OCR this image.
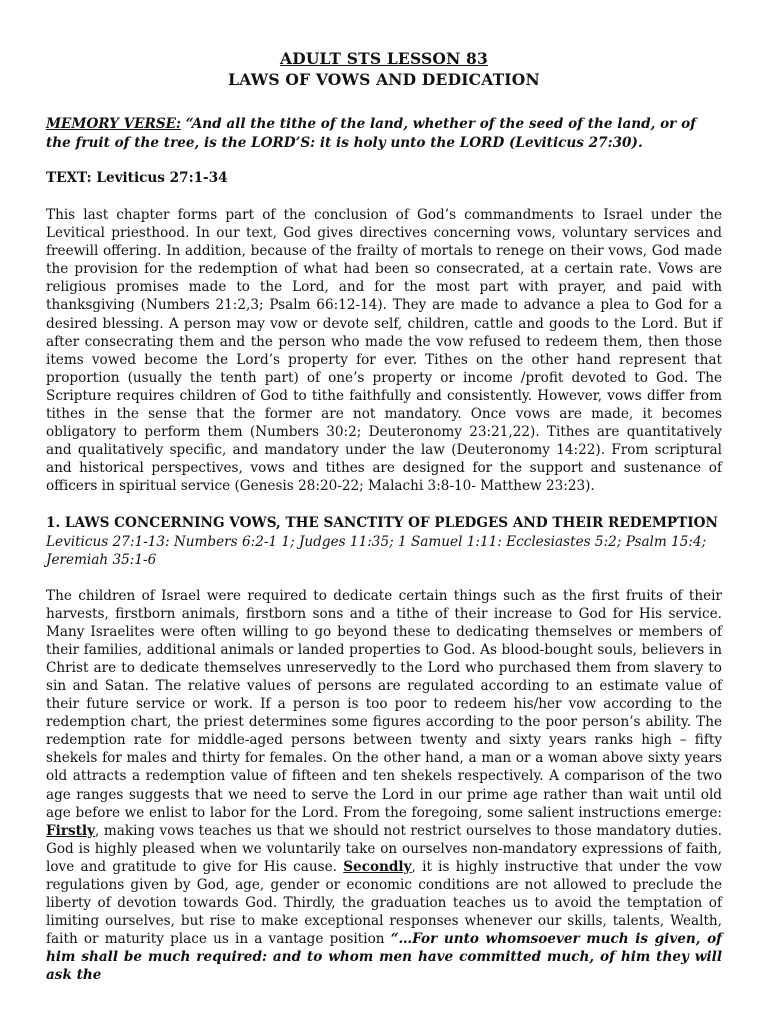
ADULT STS LESSON 83
LAWS OF VOWS AND DEDICATION
MEMORY VERSE: “And all the tithe of the land, whether of the seed of the land, or of the fruit of the tree, is the LORD’S: it is holy unto the LORD (Leviticus 27:30).
TEXT: Leviticus 27:1-34

This last chapter forms part of the conclusion of God’s commandments to Israel under the Levitical priesthood. In our text, God gives directives concerning vows, voluntary services and freewill offering. In addition, because of the frailty of mortals to renege on their vows, God made the provision for the redemption of what had been so consecrated, at a certain rate. Vows are religious promises made to the Lord, and for the most part with prayer, and paid with thanksgiving (Numbers 21:2,3; Psalm 66:12-14). They are made to advance a plea to God for a desired blessing. A person may vow or devote self, children, cattle and goods to the Lord. But if after consecrating them and the person who made the vow refused to redeem them, then those items vowed become the Lord’s property for ever. Tithes on the other hand represent that proportion (usually the tenth part) of one’s property or income /profit devoted to God. The Scripture requires children of God to tithe faithfully and consistently. However, vows differ from tithes in the sense that the former are not mandatory. Once vows are made, it becomes obligatory to perform them (Numbers 30:2; Deuteronomy 23:21,22). Tithes are quantitatively and qualitatively specific, and mandatory under the law (Deuteronomy 14:22). From scriptural and historical perspectives, vows and tithes are designed for the support and sustenance of officers in spiritual service (Genesis 28:20-22; Malachi 3:8-10- Matthew 23:23).

1. LAWS CONCERNING VOWS, THE SANCTITY OF PLEDGES AND THEIR REDEMPTION
Leviticus 27:1-13: Numbers 6:2-1 1; Judges 11:35; 1 Samuel 1:11: Ecclesiastes 5:2; Psalm 15:4; Jeremiah 35:1-6

The children of Israel were required to dedicate certain things such as the first fruits of their harvests, firstborn animals, firstborn sons and a tithe of their increase to God for His service. Many Israelites were often willing to go beyond these to dedicating themselves or members of their families, additional animals or landed properties to God. As blood-bought souls, believers in Christ are to dedicate themselves unreservedly to the Lord who purchased them from slavery to sin and Satan. The relative values of persons are regulated according to an estimate value of their future service or work. If a person is too poor to redeem his/her vow according to the redemption chart, the priest determines some figures according to the poor person’s ability. The redemption rate for middle-aged persons between twenty and sixty years ranks high – fifty shekels for males and thirty for females. On the other hand, a man or a woman above sixty years old attracts a redemption value of fifteen and ten shekels respectively. A comparison of the two age ranges suggests that we need to serve the Lord in our prime age rather than wait until old age before we enlist to labor for the Lord. From the foregoing, some salient instructions emerge: Firstly, making vows teaches us that we should not restrict ourselves to those mandatory duties. God is highly pleased when we voluntarily take on ourselves non-mandatory expressions of faith, love and gratitude to give for His cause. Secondly, it is highly instructive that under the vow regulations given by God, age, gender or economic conditions are not allowed to preclude the liberty of devotion towards God. Thirdly, the graduation teaches us to avoid the temptation of limiting ourselves, but rise to make exceptional responses whenever our skills, talents, Wealth, faith or maturity place us in a vantage position “…For unto whomsoever much is given, of him shall be much required: and to whom men have committed much, of him they will ask the
